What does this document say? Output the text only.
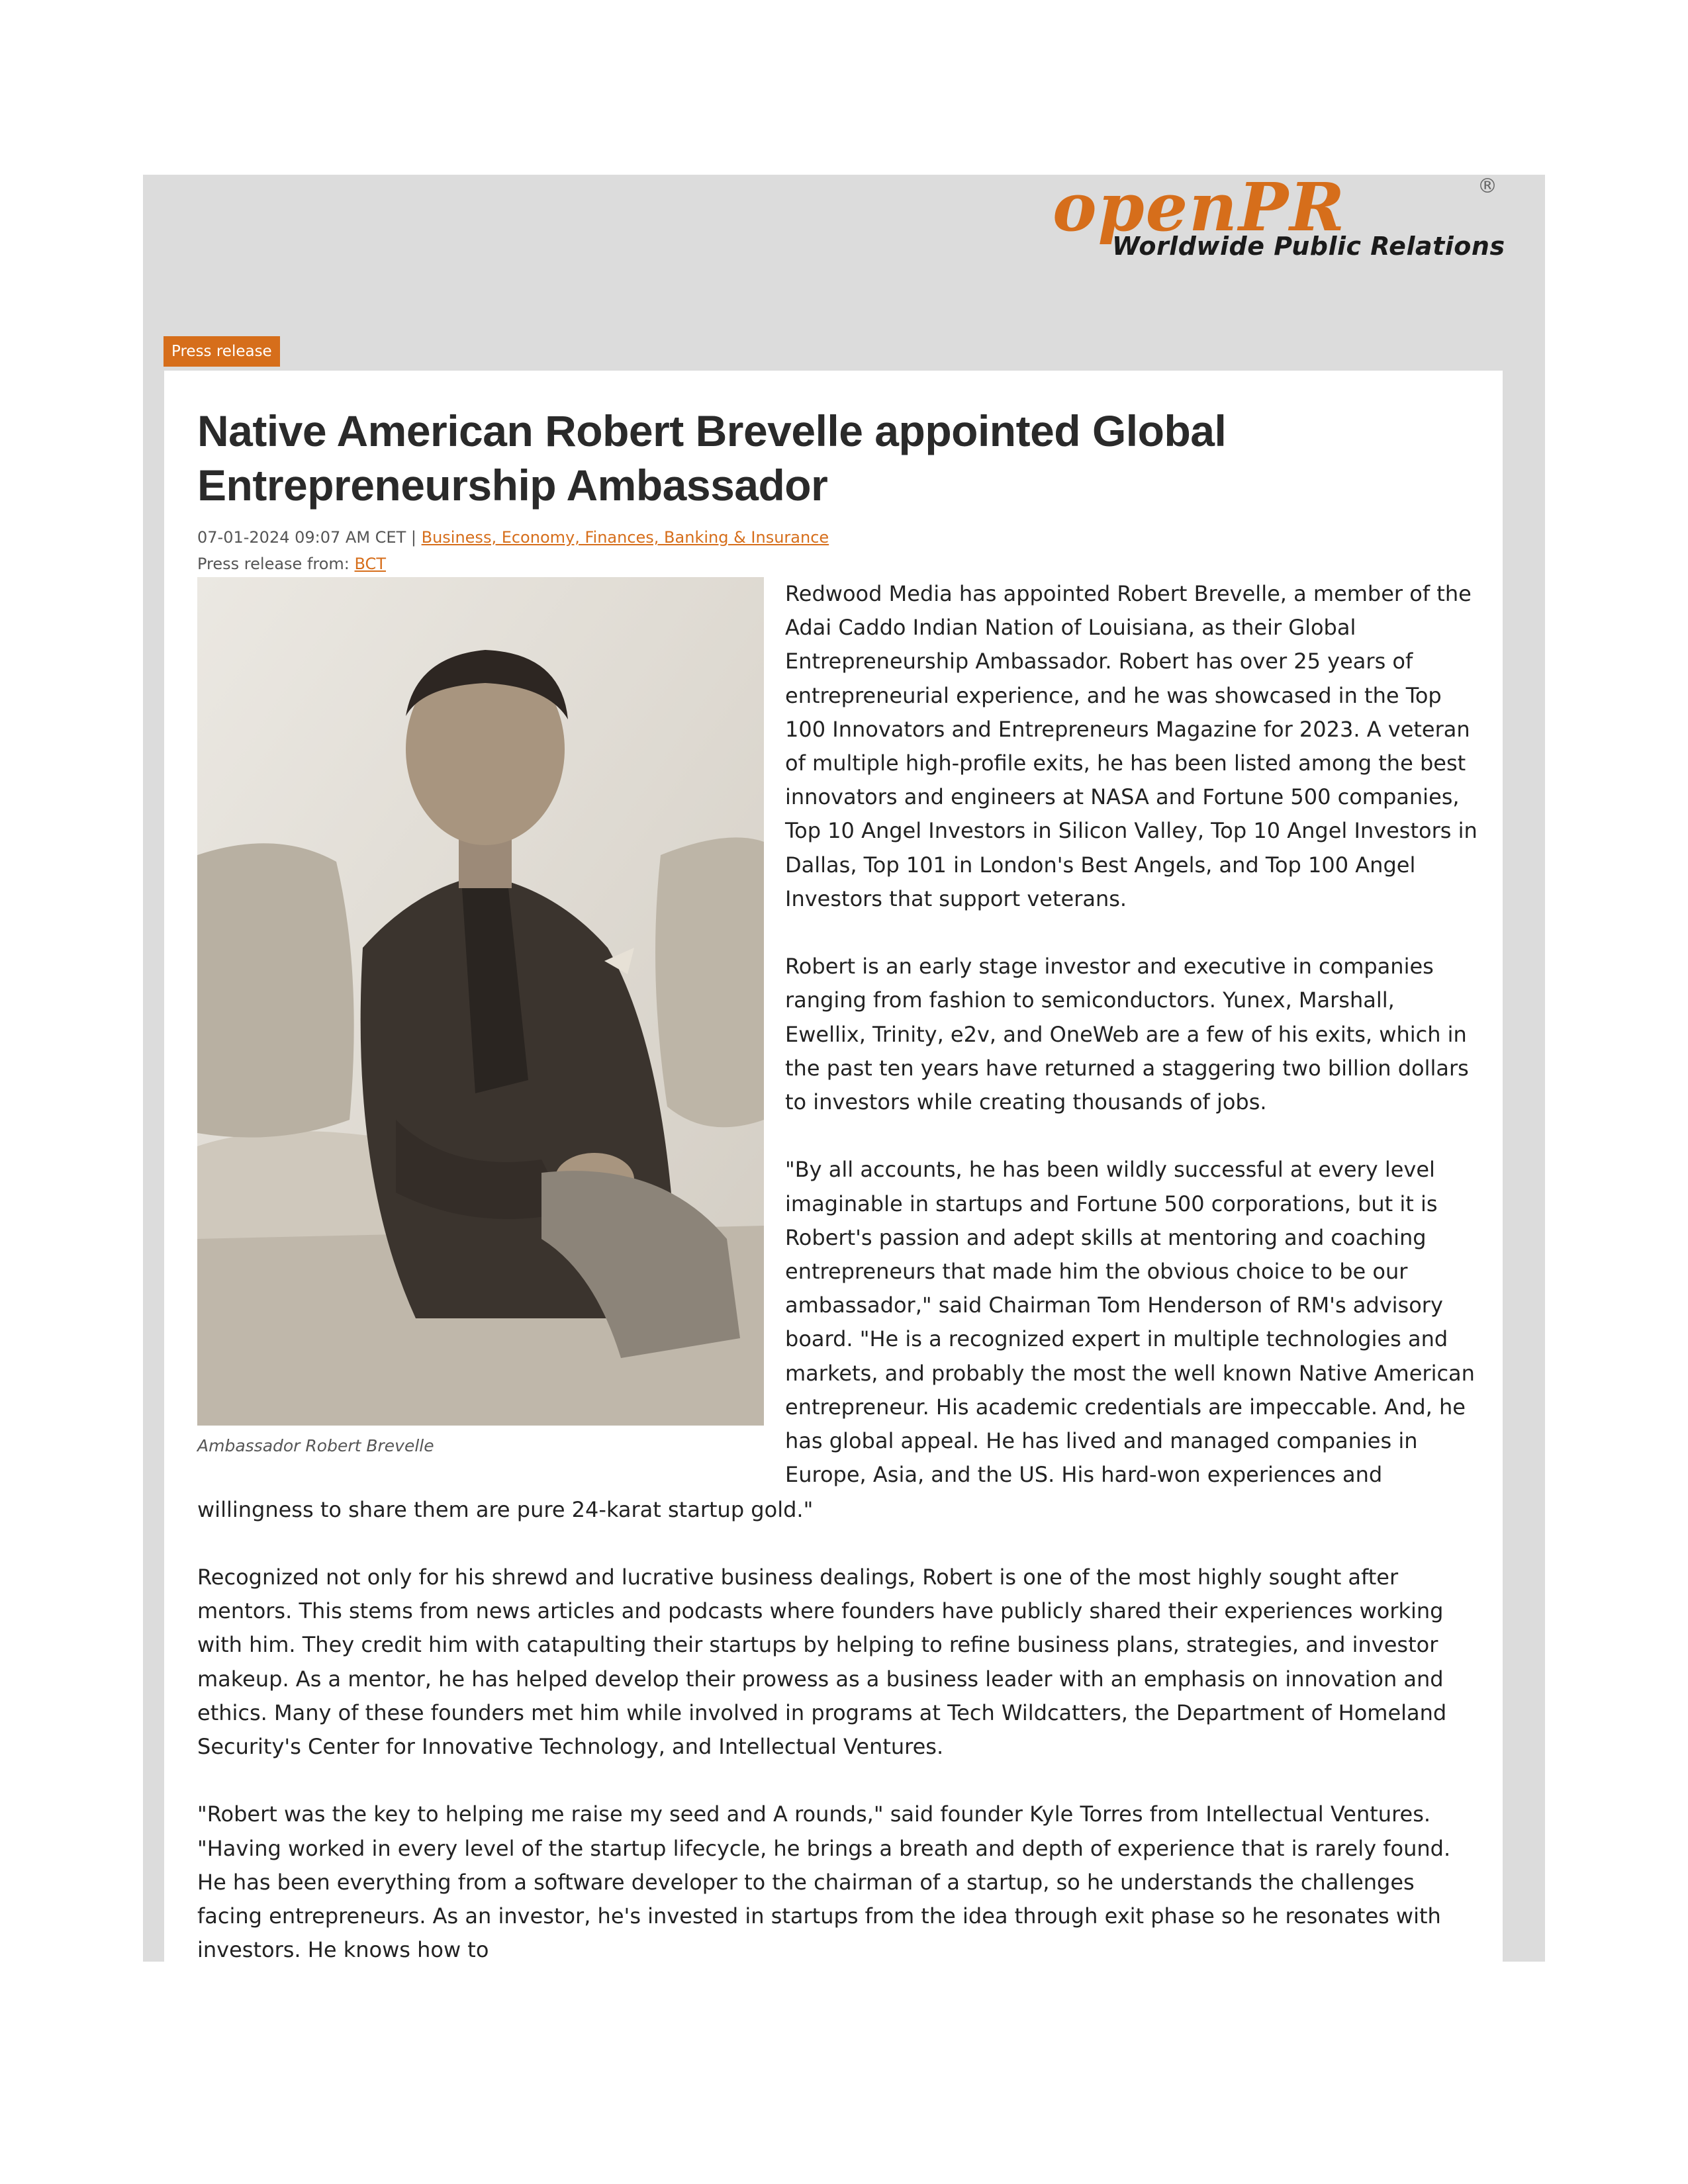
openPR	®
Worldwide Public Relations
Press release
Native American Robert Brevelle appointed Global Entrepreneurship Ambassador
07-01-2024 09:07 AM CET | Business, Economy, Finances, Banking & Insurance
Press release from: BCT
Ambassador Robert Brevelle

Redwood Media has appointed Robert Brevelle, a member of the Adai Caddo Indian Nation of Louisiana, as their Global Entrepreneurship Ambassador. Robert has over 25 years of entrepreneurial experience, and he was showcased in the Top 100 Innovators and Entrepreneurs Magazine for 2023. A veteran of multiple high-profile exits, he has been listed among the best innovators and engineers at NASA and Fortune 500 companies, Top 10 Angel Investors in Silicon Valley, Top 10 Angel Investors in Dallas, Top 101 in London's Best Angels, and Top 100 Angel Investors that support veterans.

Robert is an early stage investor and executive in companies ranging from fashion to semiconductors. Yunex, Marshall, Ewellix, Trinity, e2v, and OneWeb are a few of his exits, which in the past ten years have returned a staggering two billion dollars to investors while creating thousands of jobs.

"By all accounts, he has been wildly successful at every level imaginable in startups and Fortune 500 corporations, but it is Robert's passion and adept skills at mentoring and coaching entrepreneurs that made him the obvious choice to be our ambassador," said Chairman Tom Henderson of RM's advisory board. "He is a recognized expert in multiple technologies and markets, and probably the most the well known Native American entrepreneur. His academic credentials are impeccable. And, he has global appeal. He has lived and managed companies in Europe, Asia, and the US. His hard-won experiences and

willingness to share them are pure 24-karat startup gold."

Recognized not only for his shrewd and lucrative business dealings, Robert is one of the most highly sought after mentors. This stems from news articles and podcasts where founders have publicly shared their experiences working with him. They credit him with catapulting their startups by helping to refine business plans, strategies, and investor makeup. As a mentor, he has helped develop their prowess as a business leader with an emphasis on innovation and ethics. Many of these founders met him while involved in programs at Tech Wildcatters, the Department of Homeland Security's Center for Innovative Technology, and Intellectual Ventures.

"Robert was the key to helping me raise my seed and A rounds," said founder Kyle Torres from Intellectual Ventures. "Having worked in every level of the startup lifecycle, he brings a breath and depth of experience that is rarely found. He has been everything from a software developer to the chairman of a startup, so he understands the challenges facing entrepreneurs. As an investor, he's invested in startups from the idea through exit phase so he resonates with investors. He knows how to
